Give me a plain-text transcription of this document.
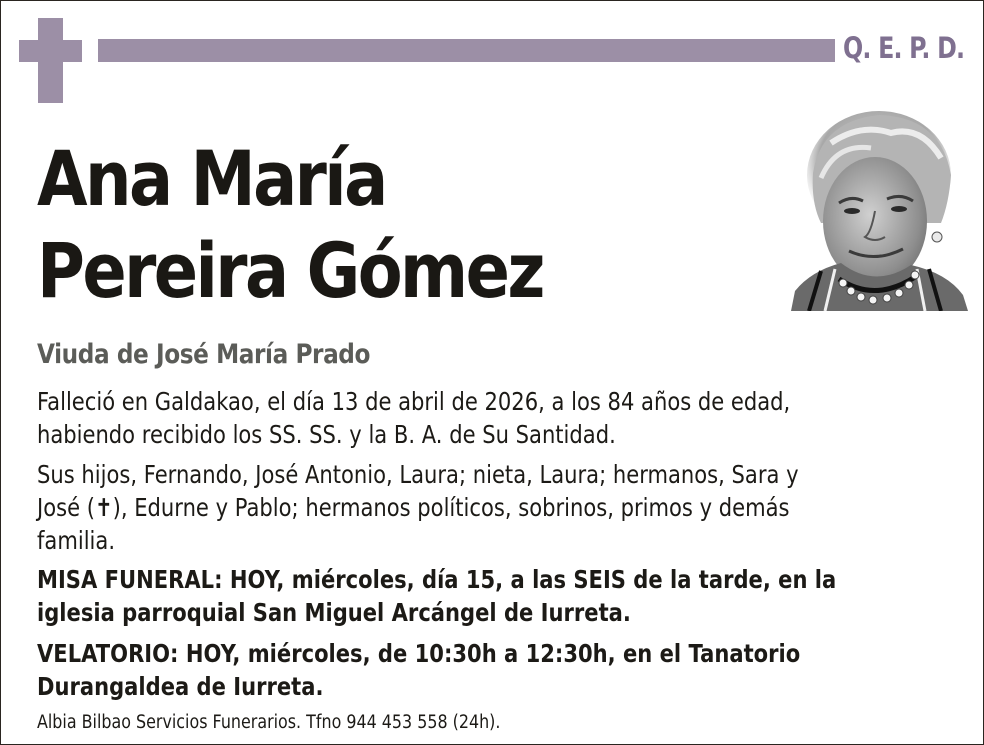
Q. E. P. D.
Ana María
Pereira Gómez
Viuda de José María Prado
Falleció en Galdakao, el día 13 de abril de 2026, a los 84 años de edad,
habiendo recibido los SS. SS. y la B. A. de Su Santidad.
Sus hijos, Fernando, José Antonio, Laura; nieta, Laura; hermanos, Sara y
José (✝), Edurne y Pablo; hermanos políticos, sobrinos, primos y demás
familia.
MISA FUNERAL: HOY, miércoles, día 15, a las SEIS de la tarde, en la
iglesia parroquial San Miguel Arcángel de Iurreta.
VELATORIO: HOY, miércoles, de 10:30h a 12:30h, en el Tanatorio
Durangaldea de Iurreta.
Albia Bilbao Servicios Funerarios. Tfno 944 453 558 (24h).
